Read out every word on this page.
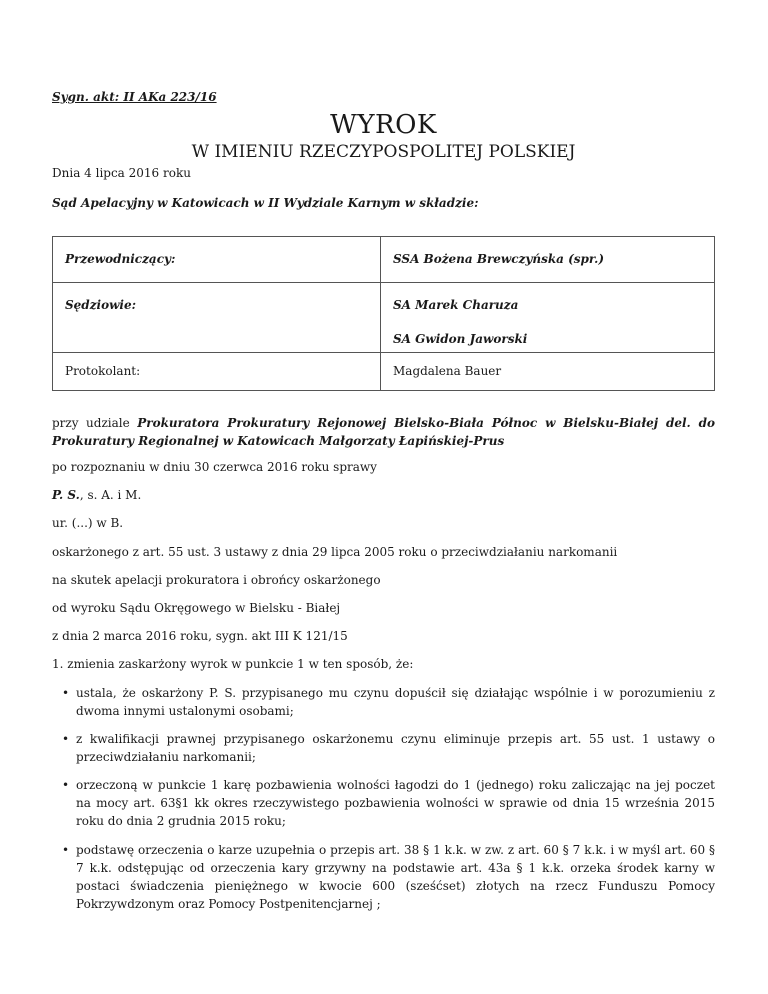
Sygn. akt: II AKa 223/16
WYROK
W IMIENIU RZECZYPOSPOLITEJ POLSKIEJ
Dnia 4 lipca 2016 roku
Sąd Apelacyjny w Katowicach w II Wydziale Karnym w składzie:
Przewodniczący:	SSA Bożena Brewczyńska (spr.)

Sędziowie:	SA Marek Charuza
SA Gwidon Jaworski

Protokolant:	Magdalena Bauer
przy udziale Prokuratora Prokuratury Rejonowej Bielsko-Biała Północ w Bielsku-Białej del. do Prokuratury Regionalnej w Katowicach Małgorzaty Łapińskiej-Prus
po rozpoznaniu w dniu 30 czerwca 2016 roku sprawy
P. S., s. A. i M.
ur. (...) w B.
oskarżonego z art. 55 ust. 3 ustawy z dnia 29 lipca 2005 roku o przeciwdziałaniu narkomanii
na skutek apelacji prokuratora i obrońcy oskarżonego
od wyroku Sądu Okręgowego w Bielsku - Białej
z dnia 2 marca 2016 roku, sygn. akt III K 121/15
1. zmienia zaskarżony wyrok w punkcie 1 w ten sposób, że:
• ustala, że oskarżony P. S. przypisanego mu czynu dopuścił się działając wspólnie i w porozumieniu z dwoma innymi ustalonymi osobami;
• z kwalifikacji prawnej przypisanego oskarżonemu czynu eliminuje przepis art. 55 ust. 1 ustawy o przeciwdziałaniu narkomanii;
• orzeczoną w punkcie 1 karę pozbawienia wolności łagodzi do 1 (jednego) roku zaliczając na jej poczet na mocy art. 63§1 kk okres rzeczywistego pozbawienia wolności w sprawie od dnia 15 września 2015 roku do dnia 2 grudnia 2015 roku;
• podstawę orzeczenia o karze uzupełnia o przepis art. 38 § 1 k.k. w zw. z art. 60 § 7 k.k. i w myśl art. 60 § 7 k.k. odstępując od orzeczenia kary grzywny na podstawie art. 43a § 1 k.k. orzeka środek karny w postaci świadczenia pieniężnego w kwocie 600 (sześćset) złotych na rzecz Funduszu Pomocy Pokrzywdzonym oraz Pomocy Postpenitencjarnej ;
